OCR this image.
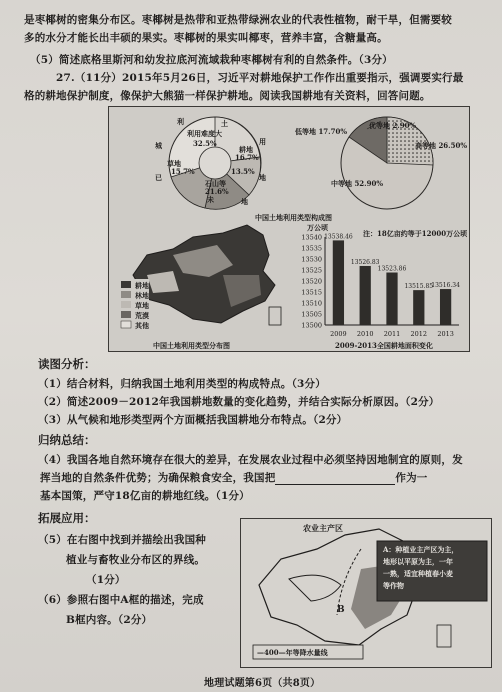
是枣椰树的密集分布区。枣椰树是热带和亚热带绿洲农业的代表性植物，耐干旱，但需要较
多的水分才能长出丰硕的果实。枣椰树的果实叫椰枣，营养丰富，含糖量高。
（5）简述底格里斯河和幼发拉底河流域栽种枣椰树有利的自然条件。（3分）
27.（11分）2015年5月26日，习近平对耕地保护工作作出重要指示，强调要实行最
格的耕地保护制度，像保护大熊猫一样保护耕地。阅读我国耕地有关资料，回答问题。
利	土
城
已
未
用
地
地
利用难度大
32.5%
耕地
16.7%
草地
15.7%	13.5%
石山等
21.6%
低等地 17.70%
优等地 2.90%
高等地 26.50%
中等地 52.90%
中国土地利用类型构成图
耕地
林地
草地
荒漠
其他
中国土地利用类型分布图
万公顷
注：18亿亩约等于12000万公顷
13540
13535
13530
13525
13520
13515
13510
13505
13500
13538.46
2009
13526.83
2010
13523.86
2011
13515.85
2012
13516.34
2013
2009-2013全国耕地面积变化
读图分析：
（1）结合材料，归纳我国土地利用类型的构成特点。（3分）
（2）简述2009－2012年我国耕地数量的变化趋势，并结合实际分析原因。（2分）
（3）从气候和地形类型两个方面概括我国耕地分布特点。（2分）
归纳总结：
（4）我国各地自然环境存在很大的差异，在发展农业过程中必须坚持因地制宜的原则，发
挥当地的自然条件优势；为确保粮食安全，我国把	作为一
基本国策，严守18亿亩的耕地红线。（1分）
拓展应用：
（5）在右图中找到并描绘出我国种
植业与畜牧业分布区的界线。
（1分）
（6）参照右图中A框的描述，完成
B框内容。（2分）
农业主产区
A：种植业主产区为主，
地形以平原为主，一年
一熟，适宜种植春小麦
等作物
—400—年等降水量线
B
地理试题第6页（共8页）
